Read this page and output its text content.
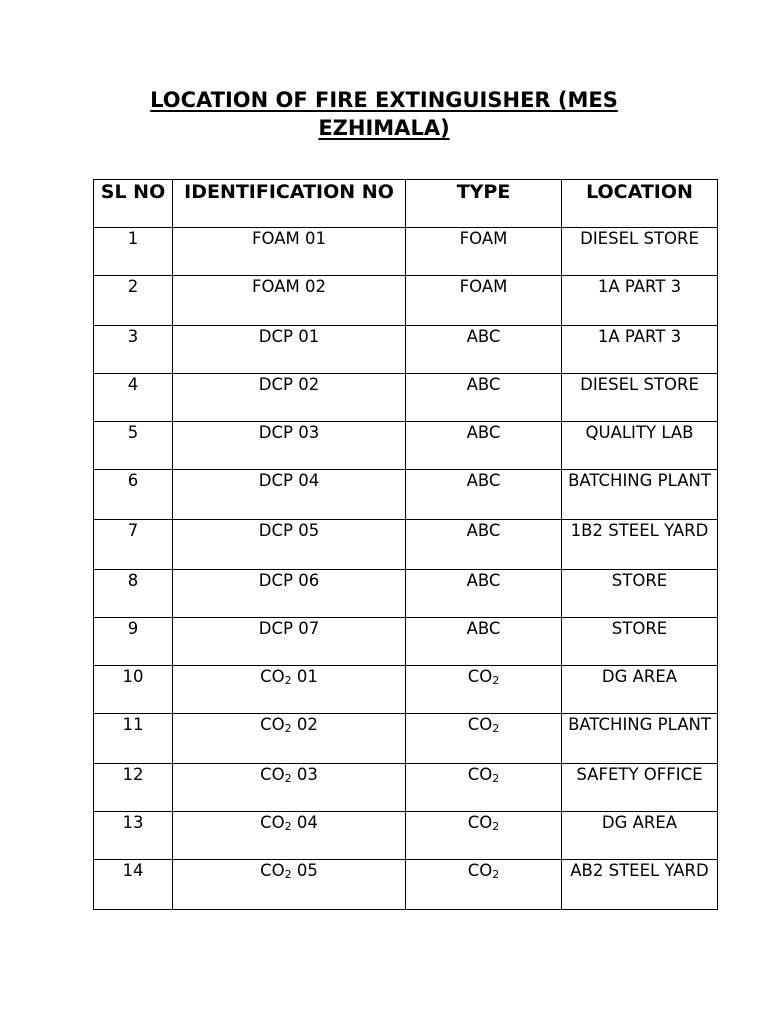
LOCATION OF FIRE EXTINGUISHER (MES EZHIMALA)
SL NO	IDENTIFICATION NO	TYPE	LOCATION
1	FOAM 01	FOAM	DIESEL STORE
2	FOAM 02	FOAM	1A PART 3
3	DCP 01	ABC	1A PART 3
4	DCP 02	ABC	DIESEL STORE
5	DCP 03	ABC	QUALITY LAB
6	DCP 04	ABC	BATCHING PLANT
7	DCP 05	ABC	1B2 STEEL YARD
8	DCP 06	ABC	STORE
9	DCP 07	ABC	STORE
10	CO2 01	CO2	DG AREA
11	CO2 02	CO2	BATCHING PLANT
12	CO2 03	CO2	SAFETY OFFICE
13	CO2 04	CO2	DG AREA
14	CO2 05	CO2	AB2 STEEL YARD
